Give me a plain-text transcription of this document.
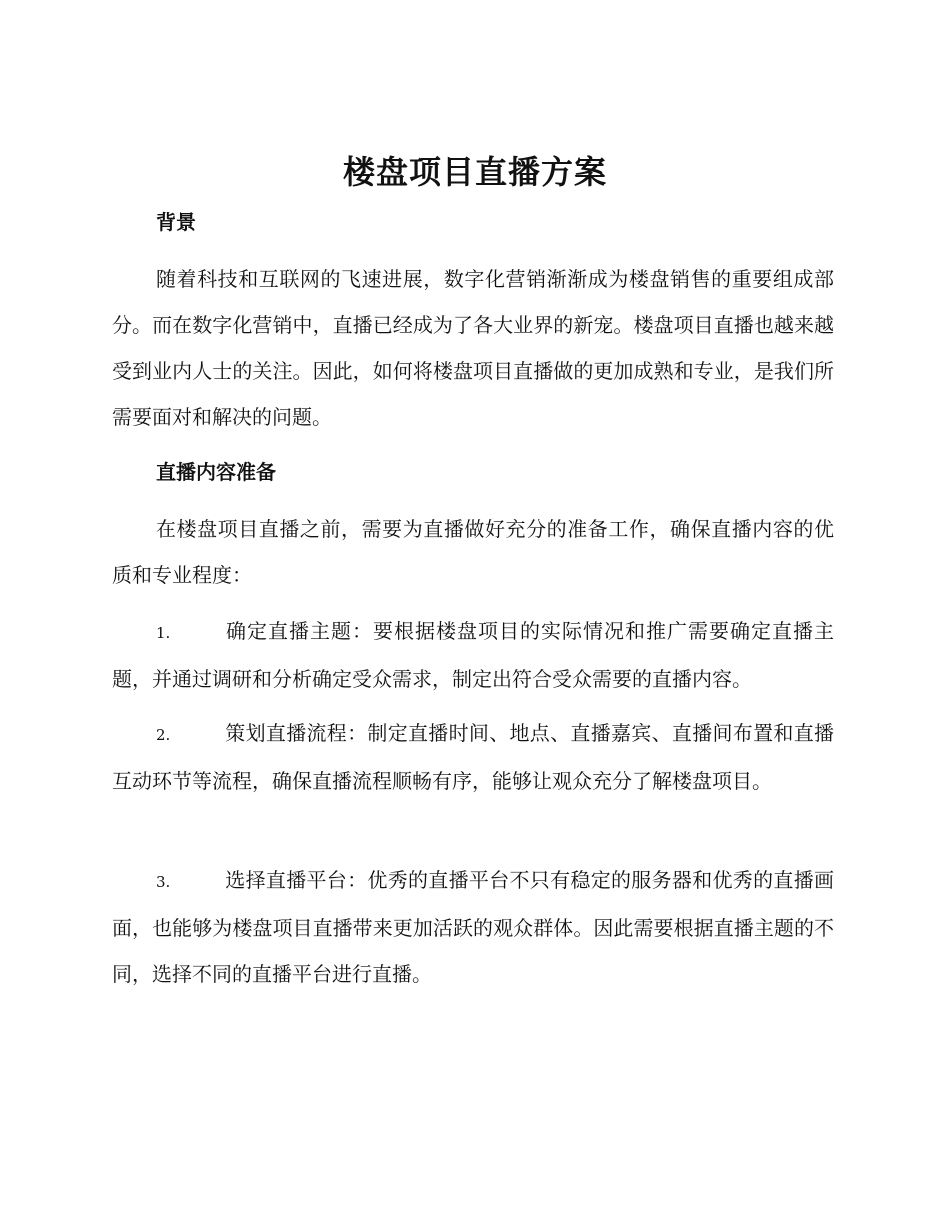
楼盘项目直播方案
背景

随着科技和互联网的飞速进展，数字化营销渐渐成为楼盘销售的重要组成部分。而在数字化营销中，直播已经成为了各大业界的新宠。楼盘项目直播也越来越受到业内人士的关注。因此，如何将楼盘项目直播做的更加成熟和专业，是我们所需要面对和解决的问题。

直播内容准备

在楼盘项目直播之前，需要为直播做好充分的准备工作，确保直播内容的优质和专业程度：

1.	确定直播主题：要根据楼盘项目的实际情况和推广需要确定直播主题，并通过调研和分析确定受众需求，制定出符合受众需要的直播内容。

2.	策划直播流程：制定直播时间、地点、直播嘉宾、直播间布置和直播互动环节等流程，确保直播流程顺畅有序，能够让观众充分了解楼盘项目。

3.	选择直播平台：优秀的直播平台不只有稳定的服务器和优秀的直播画面，也能够为楼盘项目直播带来更加活跃的观众群体。因此需要根据直播主题的不同，选择不同的直播平台进行直播。
